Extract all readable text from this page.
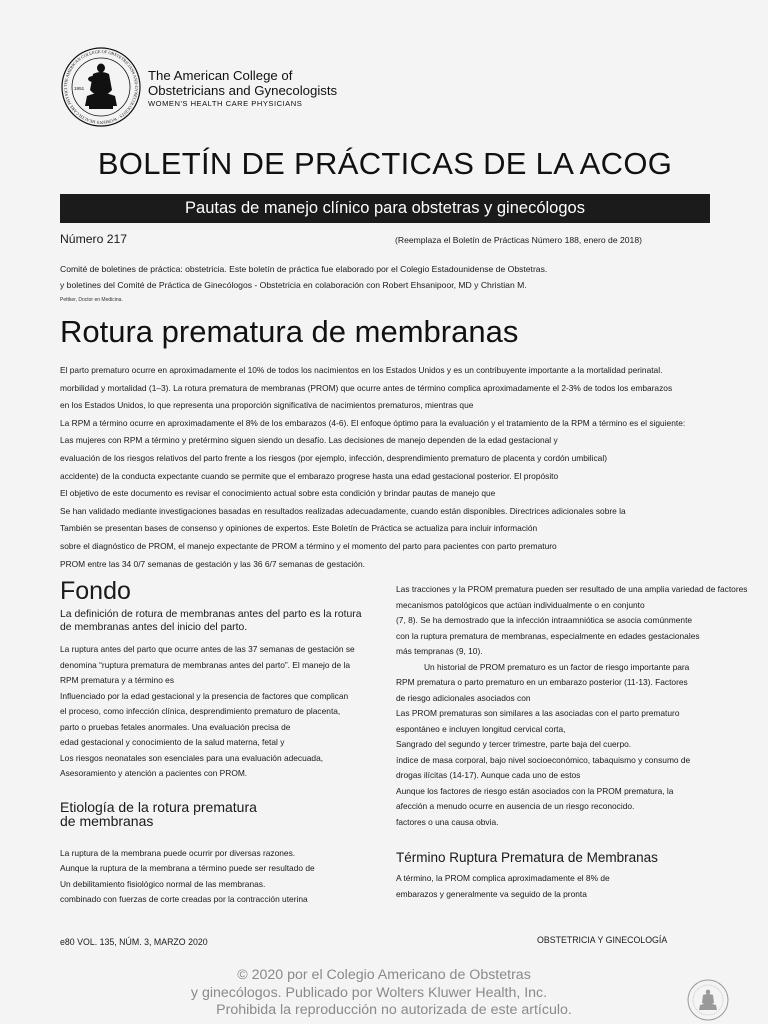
THE AMERICAN COLLEGE OF OBSTETRICIANS AND GYNECOLOGISTS · WOMEN'S HEALTH CARE PHYSICI	1951
The American College of
Obstetricians and Gynecologists
WOMEN'S HEALTH CARE PHYSICIANS
BOLETÍN DE PRÁCTICAS DE LA ACOG
Pautas de manejo clínico para obstetras y ginecólogos
Número 217	(Reemplaza el Boletín de Prácticas Número 188, enero de 2018)
Comité de boletines de práctica: obstetricia. Este boletín de práctica fue elaborado por el Colegio Estadounidense de Obstetras.
y boletines del Comité de Práctica de Ginecólogos - Obstetricia en colaboración con Robert Ehsanipoor, MD y Christian M.
Pettker, Doctor en Medicina.
Rotura prematura de membranas
El parto prematuro ocurre en aproximadamente el 10% de todos los nacimientos en los Estados Unidos y es un contribuyente importante a la mortalidad perinatal.
morbilidad y mortalidad (1–3). La rotura prematura de membranas (PROM) que ocurre antes de término complica aproximadamente el 2-3% de todos los embarazos
en los Estados Unidos, lo que representa una proporción significativa de nacimientos prematuros, mientras que
La RPM a término ocurre en aproximadamente el 8% de los embarazos (4-6). El enfoque óptimo para la evaluación y el tratamiento de la RPM a término es el siguiente:
Las mujeres con RPM a término y pretérmino siguen siendo un desafío. Las decisiones de manejo dependen de la edad gestacional y
evaluación de los riesgos relativos del parto frente a los riesgos (por ejemplo, infección, desprendimiento prematuro de placenta y cordón umbilical)
accidente) de la conducta expectante cuando se permite que el embarazo progrese hasta una edad gestacional posterior. El propósito
El objetivo de este documento es revisar el conocimiento actual sobre esta condición y brindar pautas de manejo que
Se han validado mediante investigaciones basadas en resultados realizadas adecuadamente, cuando están disponibles. Directrices adicionales sobre la
También se presentan bases de consenso y opiniones de expertos. Este Boletín de Práctica se actualiza para incluir información
sobre el diagnóstico de PROM, el manejo expectante de PROM a término y el momento del parto para pacientes con parto prematuro
PROM entre las 34 0/7 semanas de gestación y las 36 6/7 semanas de gestación.
Fondo
La definición de rotura de membranas antes del parto es la rotura
de membranas antes del inicio del parto.
La ruptura antes del parto que ocurre antes de las 37 semanas de gestación se
denomina “ruptura prematura de membranas antes del parto”. El manejo de la
RPM prematura y a término es
Influenciado por la edad gestacional y la presencia de factores que complican
el proceso, como infección clínica, desprendimiento prematuro de placenta,
parto o pruebas fetales anormales. Una evaluación precisa de
edad gestacional y conocimiento de la salud materna, fetal y
Los riesgos neonatales son esenciales para una evaluación adecuada,
Asesoramiento y atención a pacientes con PROM.
Etiología de la rotura prematura
de membranas
La ruptura de la membrana puede ocurrir por diversas razones.
Aunque la ruptura de la membrana a término puede ser resultado de
Un debilitamiento fisiológico normal de las membranas.
combinado con fuerzas de corte creadas por la contracción uterina
Las tracciones y la PROM prematura pueden ser resultado de una amplia variedad de factores
mecanismos patológicos que actúan individualmente o en conjunto
(7, 8). Se ha demostrado que la infección intraamniótica se asocia comúnmente
con la ruptura prematura de membranas, especialmente en edades gestacionales
más tempranas (9, 10).
Un historial de PROM prematuro es un factor de riesgo importante para
RPM prematura o parto prematuro en un embarazo posterior (11-13). Factores
de riesgo adicionales asociados con
Las PROM prematuras son similares a las asociadas con el parto prematuro
espontáneo e incluyen longitud cervical corta,
Sangrado del segundo y tercer trimestre, parte baja del cuerpo.
índice de masa corporal, bajo nivel socioeconómico, tabaquismo y consumo de
drogas ilícitas (14-17). Aunque cada uno de estos
Aunque los factores de riesgo están asociados con la PROM prematura, la
afección a menudo ocurre en ausencia de un riesgo reconocido.
factores o una causa obvia.
Término Ruptura Prematura de Membranas
A término, la PROM complica aproximadamente el 8% de
embarazos y generalmente va seguido de la pronta
e80 VOL. 135, NÚM. 3, MARZO 2020	OBSTETRICIA Y GINECOLOGÍA
© 2020 por el Colegio Americano de Obstetras
y ginecólogos. Publicado por Wolters Kluwer Health, Inc.
Prohibida la reproducción no autorizada de este artículo.
